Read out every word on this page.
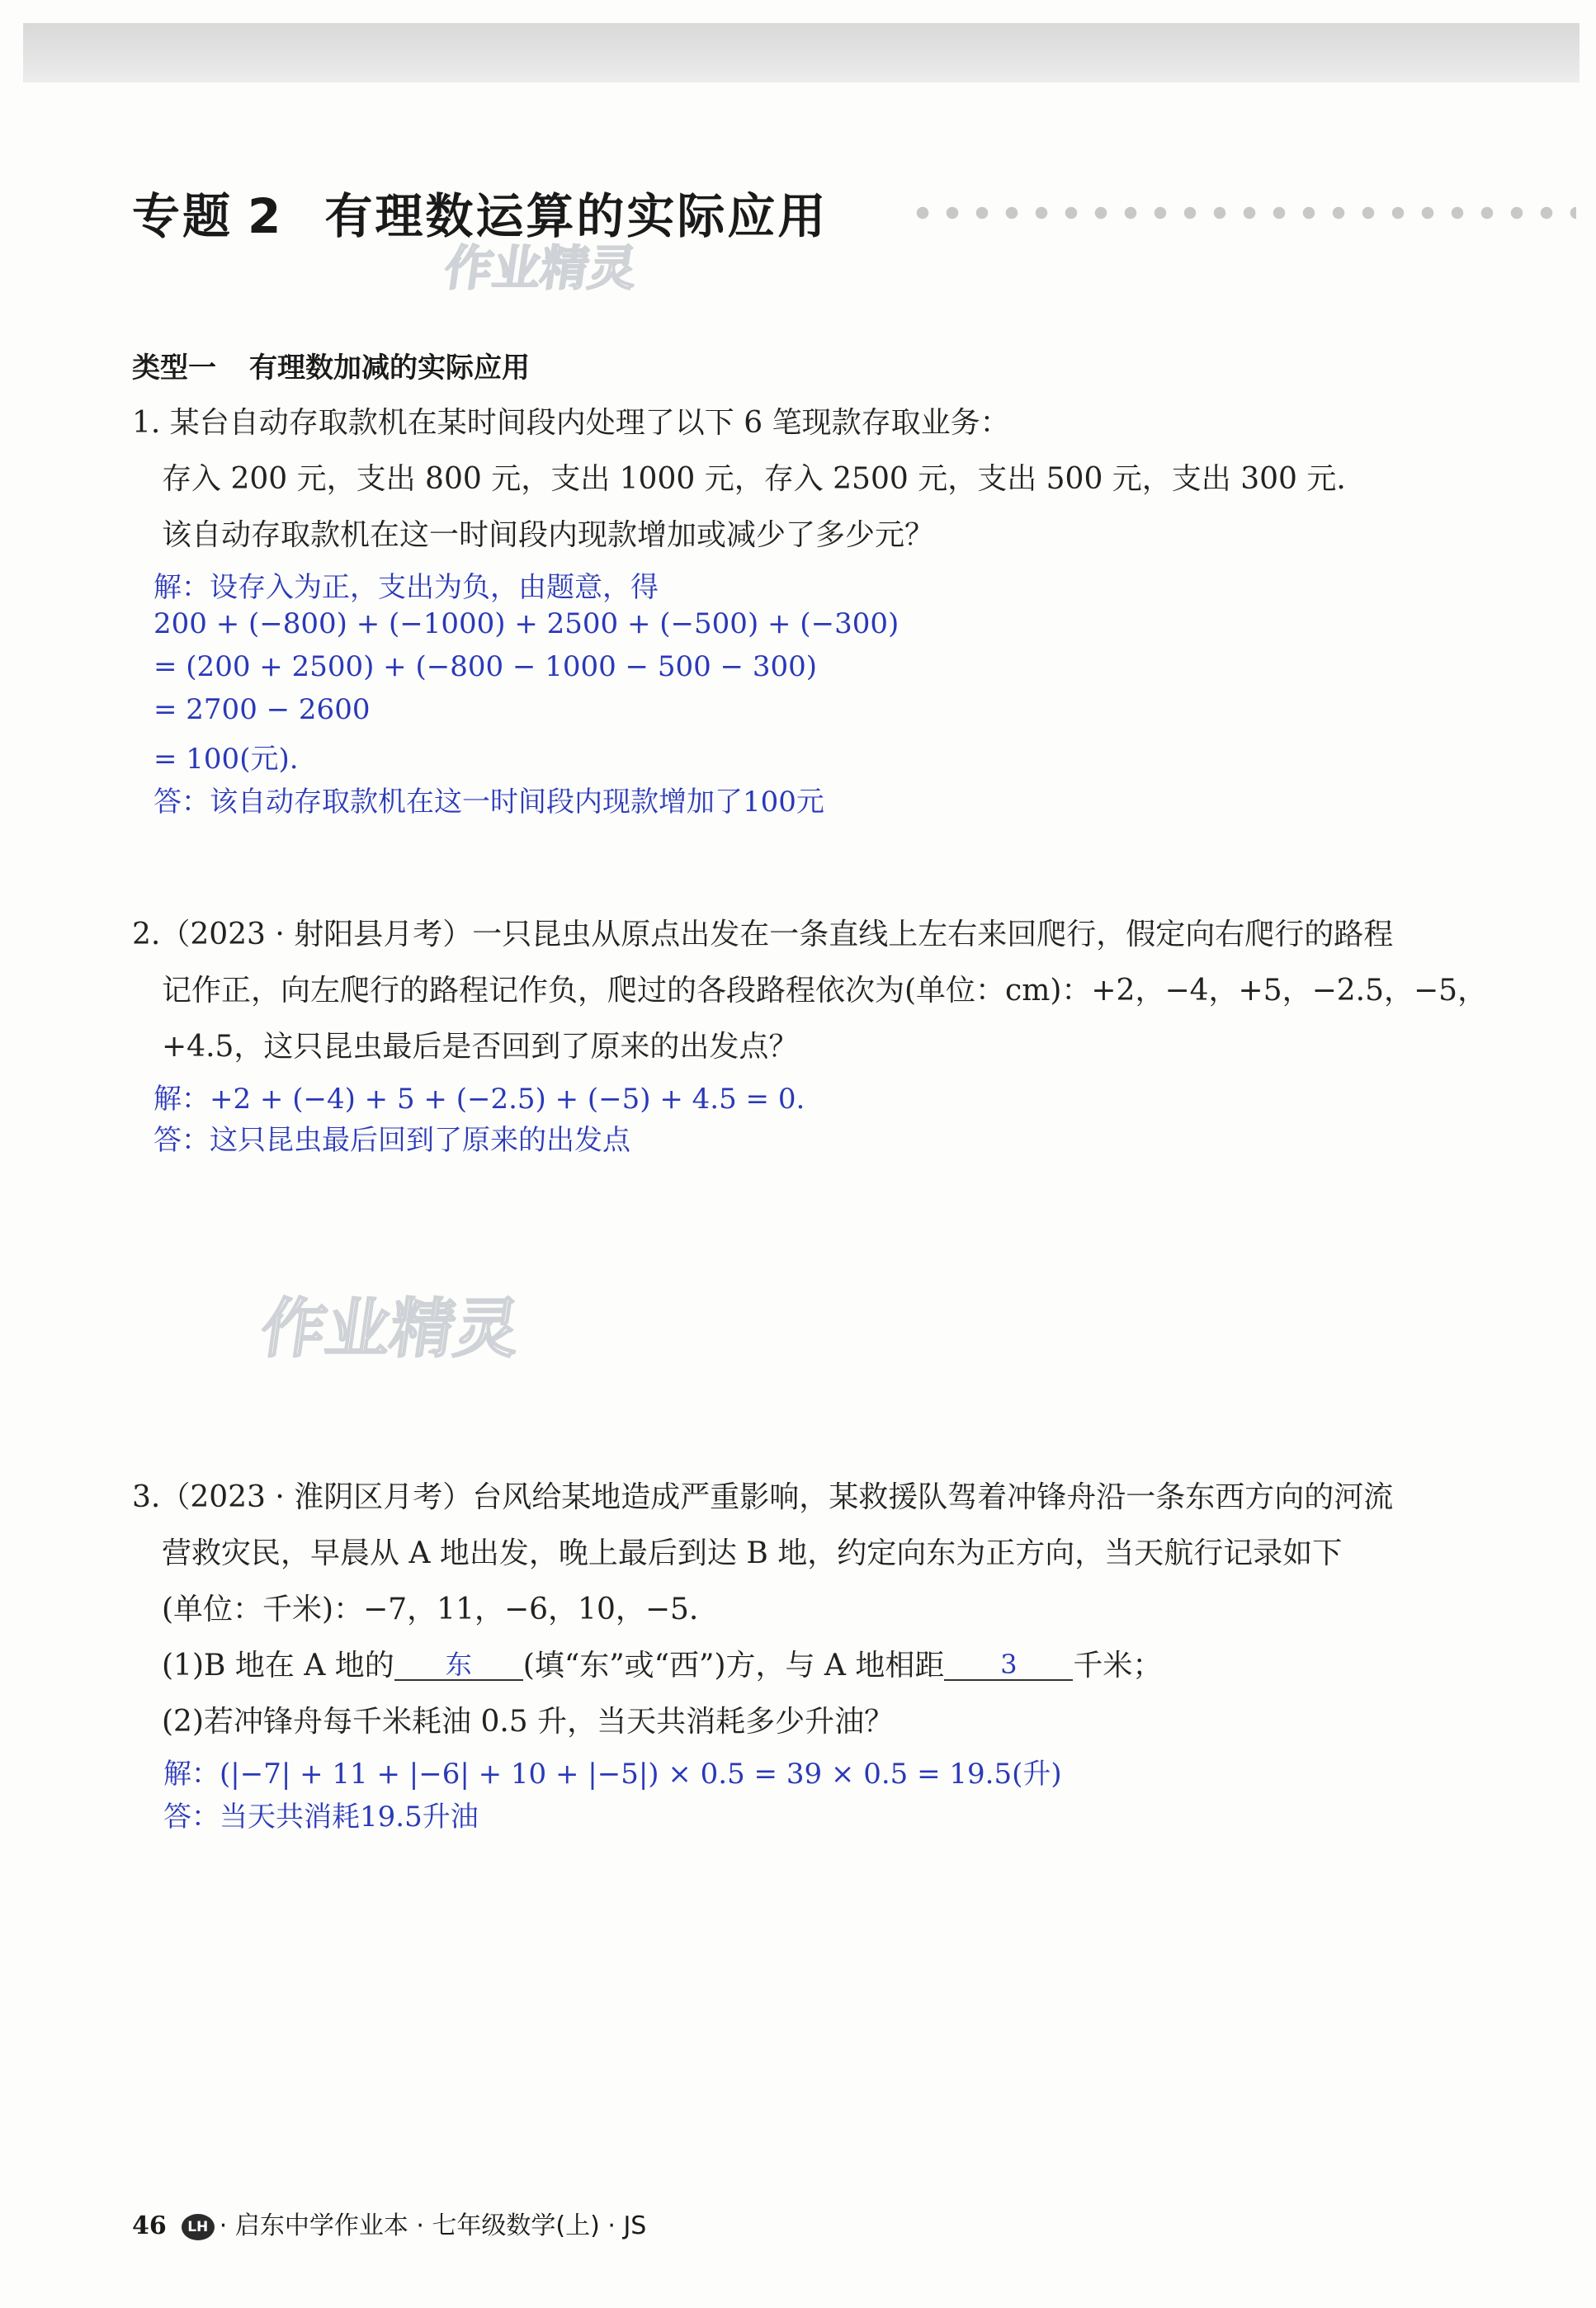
专题 2 有理数运算的实际应用
作业精灵
作业精灵
类型一 有理数加减的实际应用
1. 某台自动存取款机在某时间段内处理了以下 6 笔现款存取业务：
存入 200 元，支出 800 元，支出 1000 元，存入 2500 元，支出 500 元，支出 300 元.
该自动存取款机在这一时间段内现款增加或减少了多少元？
解：设存入为正，支出为负，由题意，得
200 + (−800) + (−1000) + 2500 + (−500) + (−300)
= (200 + 2500) + (−800 − 1000 − 500 − 300)
= 2700 − 2600
= 100(元).
答：该自动存取款机在这一时间段内现款增加了100元
2.（2023 · 射阳县月考）一只昆虫从原点出发在一条直线上左右来回爬行，假定向右爬行的路程
记作正，向左爬行的路程记作负，爬过的各段路程依次为(单位：cm)：+2，−4，+5，−2.5，−5，
+4.5，这只昆虫最后是否回到了原来的出发点？
解：+2 + (−4) + 5 + (−2.5) + (−5) + 4.5 = 0.
答：这只昆虫最后回到了原来的出发点
3.（2023 · 淮阴区月考）台风给某地造成严重影响，某救援队驾着冲锋舟沿一条东西方向的河流
营救灾民，早晨从 A 地出发，晚上最后到达 B 地，约定向东为正方向，当天航行记录如下
(单位：千米)：−7，11，−6，10，−5.
(1)B 地在 A 地的 东 (填“东”或“西”)方，与 A 地相距 3 千米；
(2)若冲锋舟每千米耗油 0.5 升，当天共消耗多少升油？
解：(|−7| + 11 + |−6| + 10 + |−5|) × 0.5 = 39 × 0.5 = 19.5(升)
答：当天共消耗19.5升油
46 LH · 启东中学作业本 · 七年级数学(上) · JS
